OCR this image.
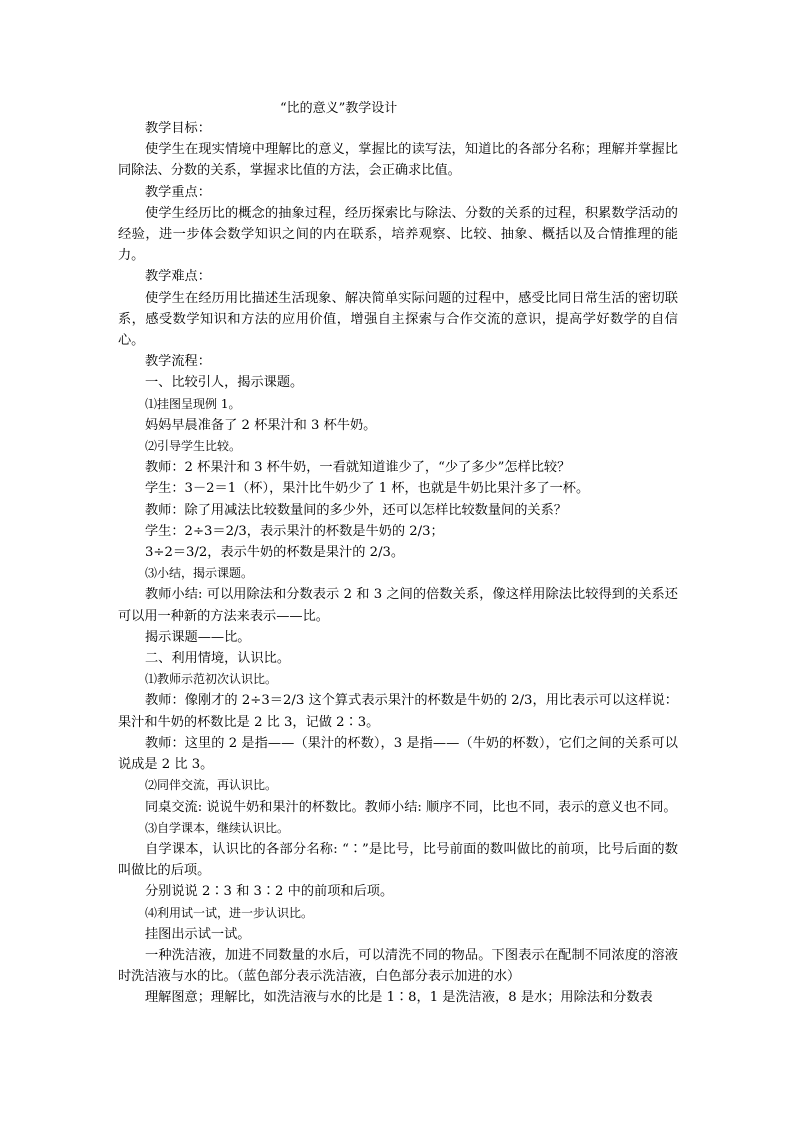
“比的意义”教学设计

教学目标：

使学生在现实情境中理解比的意义，掌握比的读写法，知道比的各部分名称；理解并掌握比同除法、分数的关系，掌握求比值的方法，会正确求比值。

教学重点：

使学生经历比的概念的抽象过程，经历探索比与除法、分数的关系的过程，积累数学活动的经验，进一步体会数学知识之间的内在联系，培养观察、比较、抽象、概括以及合情推理的能力。

教学难点：

使学生在经历用比描述生活现象、解决简单实际问题的过程中，感受比同日常生活的密切联系，感受数学知识和方法的应用价值，增强自主探索与合作交流的意识，提高学好数学的自信心。

教学流程：

一、比较引人，揭示课题。

⑴挂图呈现例 1。

妈妈早晨准备了 2 杯果汁和 3 杯牛奶。

⑵引导学生比较。

教师：2 杯果汁和 3 杯牛奶，一看就知道谁少了，“少了多少”怎样比较？

学生：3－2＝1（杯），果汁比牛奶少了 1 杯，也就是牛奶比果汁多了一杯。

教师：除了用减法比较数量间的多少外，还可以怎样比较数量间的关系？

学生：2÷3＝2/3，表示果汁的杯数是牛奶的 2/3；

3÷2＝3/2，表示牛奶的杯数是果汁的 2/3。

⑶小结，揭示课题。

教师小结: 可以用除法和分数表示 2 和 3 之间的倍数关系，像这样用除法比较得到的关系还可以用一种新的方法来表示——比。

揭示课题——比。

二、利用情境，认识比。

⑴教师示范初次认识比。

教师：像刚才的 2÷3＝2/3 这个算式表示果汁的杯数是牛奶的 2/3，用比表示可以这样说：果汁和牛奶的杯数比是 2 比 3，记做 2∶3。

教师：这里的 2 是指——（果汁的杯数），3 是指——（牛奶的杯数），它们之间的关系可以说成是 2 比 3。

⑵同伴交流，再认识比。

同桌交流: 说说牛奶和果汁的杯数比。教师小结: 顺序不同，比也不同，表示的意义也不同。

⑶自学课本，继续认识比。

自学课本，认识比的各部分名称: “∶”是比号，比号前面的数叫做比的前项，比号后面的数叫做比的后项。

分别说说 2∶3 和 3∶2 中的前项和后项。

⑷利用试一试，进一步认识比。

挂图出示试一试。

一种洗洁液，加进不同数量的水后，可以清洗不同的物品。下图表示在配制不同浓度的溶液时洗洁液与水的比。（蓝色部分表示洗洁液，白色部分表示加进的水）

理解图意；理解比，如洗洁液与水的比是 1∶8，1 是洗洁液，8 是水；用除法和分数表
